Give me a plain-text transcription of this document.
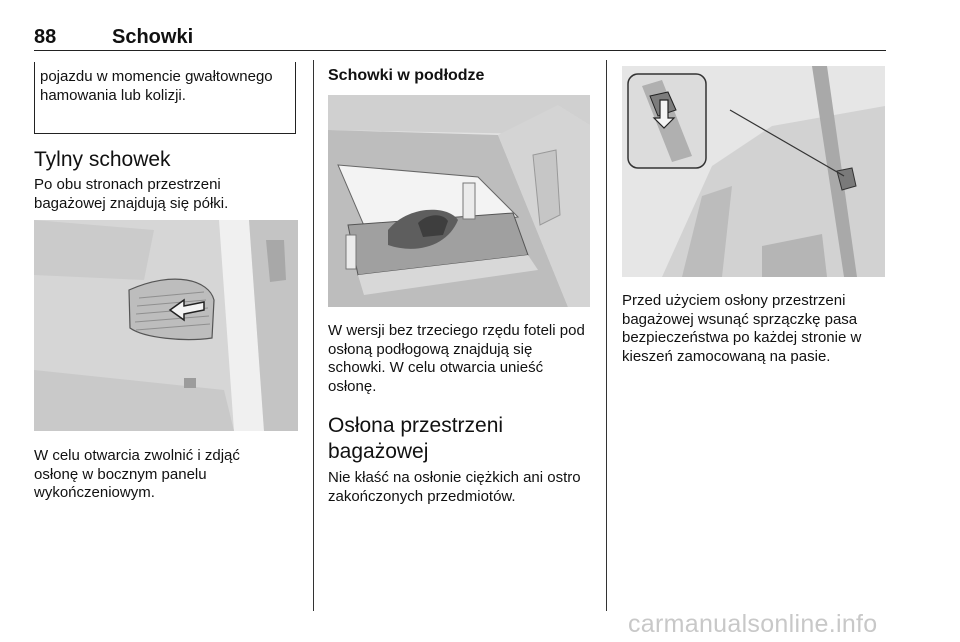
88	Schowki
pojazdu w momencie gwałtownego hamowania lub kolizji.
Tylny schowek
Po obu stronach przestrzeni bagażowej znajdują się półki.
W celu otwarcia zwolnić i zdjąć osłonę w bocznym panelu wykończeniowym.
Schowki w podłodze
W wersji bez trzeciego rzędu foteli pod osłoną podłogową znajdują się schowki. W celu otwarcia unieść osłonę.
Osłona przestrzeni bagażowej
Nie kłaść na osłonie ciężkich ani ostro zakończonych przedmiotów.
Przed użyciem osłony przestrzeni bagażowej wsunąć sprzączkę pasa bezpieczeństwa po każdej stronie w kieszeń zamocowaną na pasie.
carmanualsonline.info
